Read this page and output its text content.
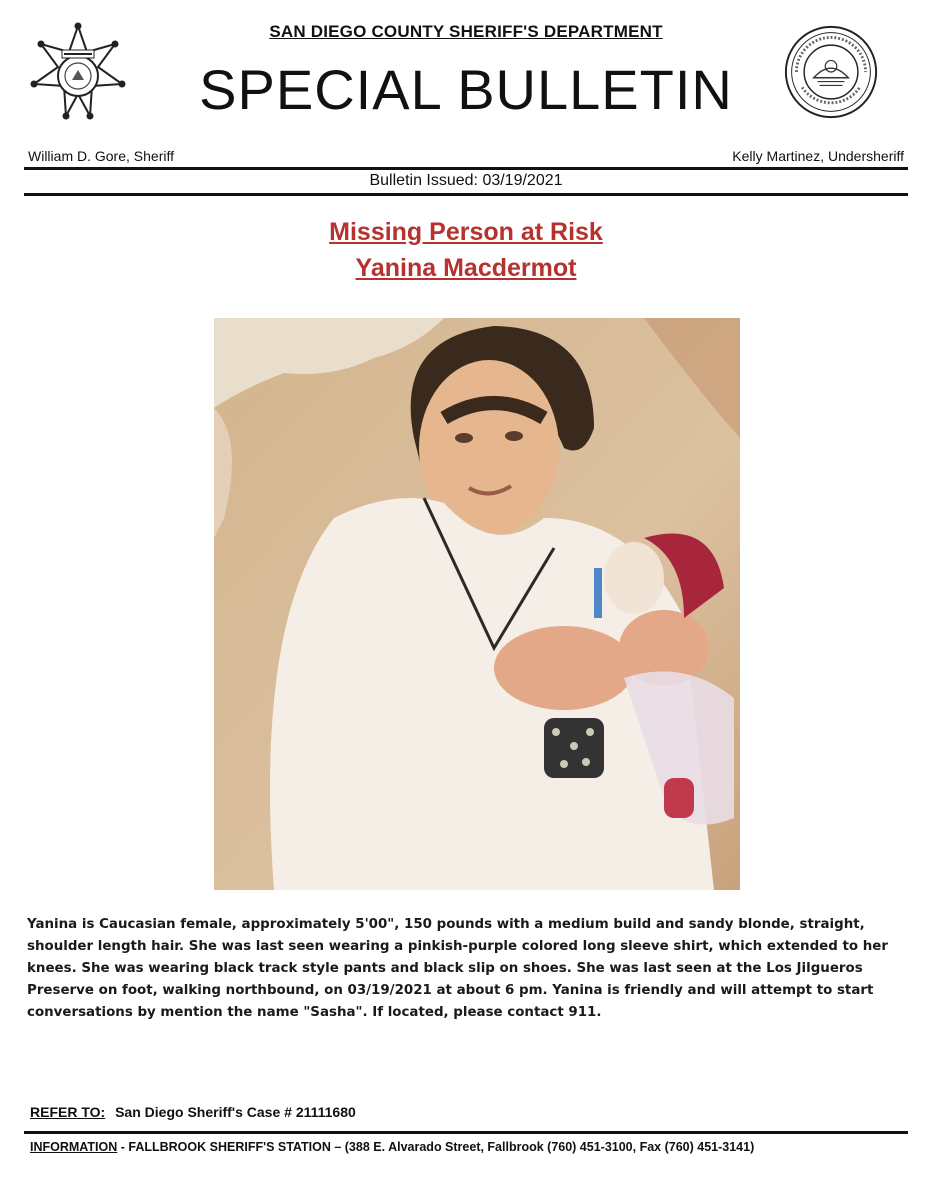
SAN DIEGO COUNTY SHERIFF'S DEPARTMENT
SPECIAL BULLETIN
William D. Gore, Sheriff	Kelly Martinez, Undersheriff
Bulletin Issued: 03/19/2021
Missing Person at Risk
Yanina Macdermot
Yanina is Caucasian female, approximately 5'00", 150 pounds with a medium build and sandy blonde, straight, shoulder length hair. She was last seen wearing a pinkish-purple colored long sleeve shirt, which extended to her knees. She was wearing black track style pants and black slip on shoes. She was last seen at the Los Jilgueros Preserve on foot, walking northbound, on 03/19/2021 at about 6 pm. Yanina is friendly and will attempt to start conversations by mention the name "Sasha". If located, please contact 911.
REFER TO: San Diego Sheriff's Case # 21111680
INFORMATION - FALLBROOK SHERIFF'S STATION – (388 E. Alvarado Street, Fallbrook (760) 451-3100, Fax (760) 451-3141)
